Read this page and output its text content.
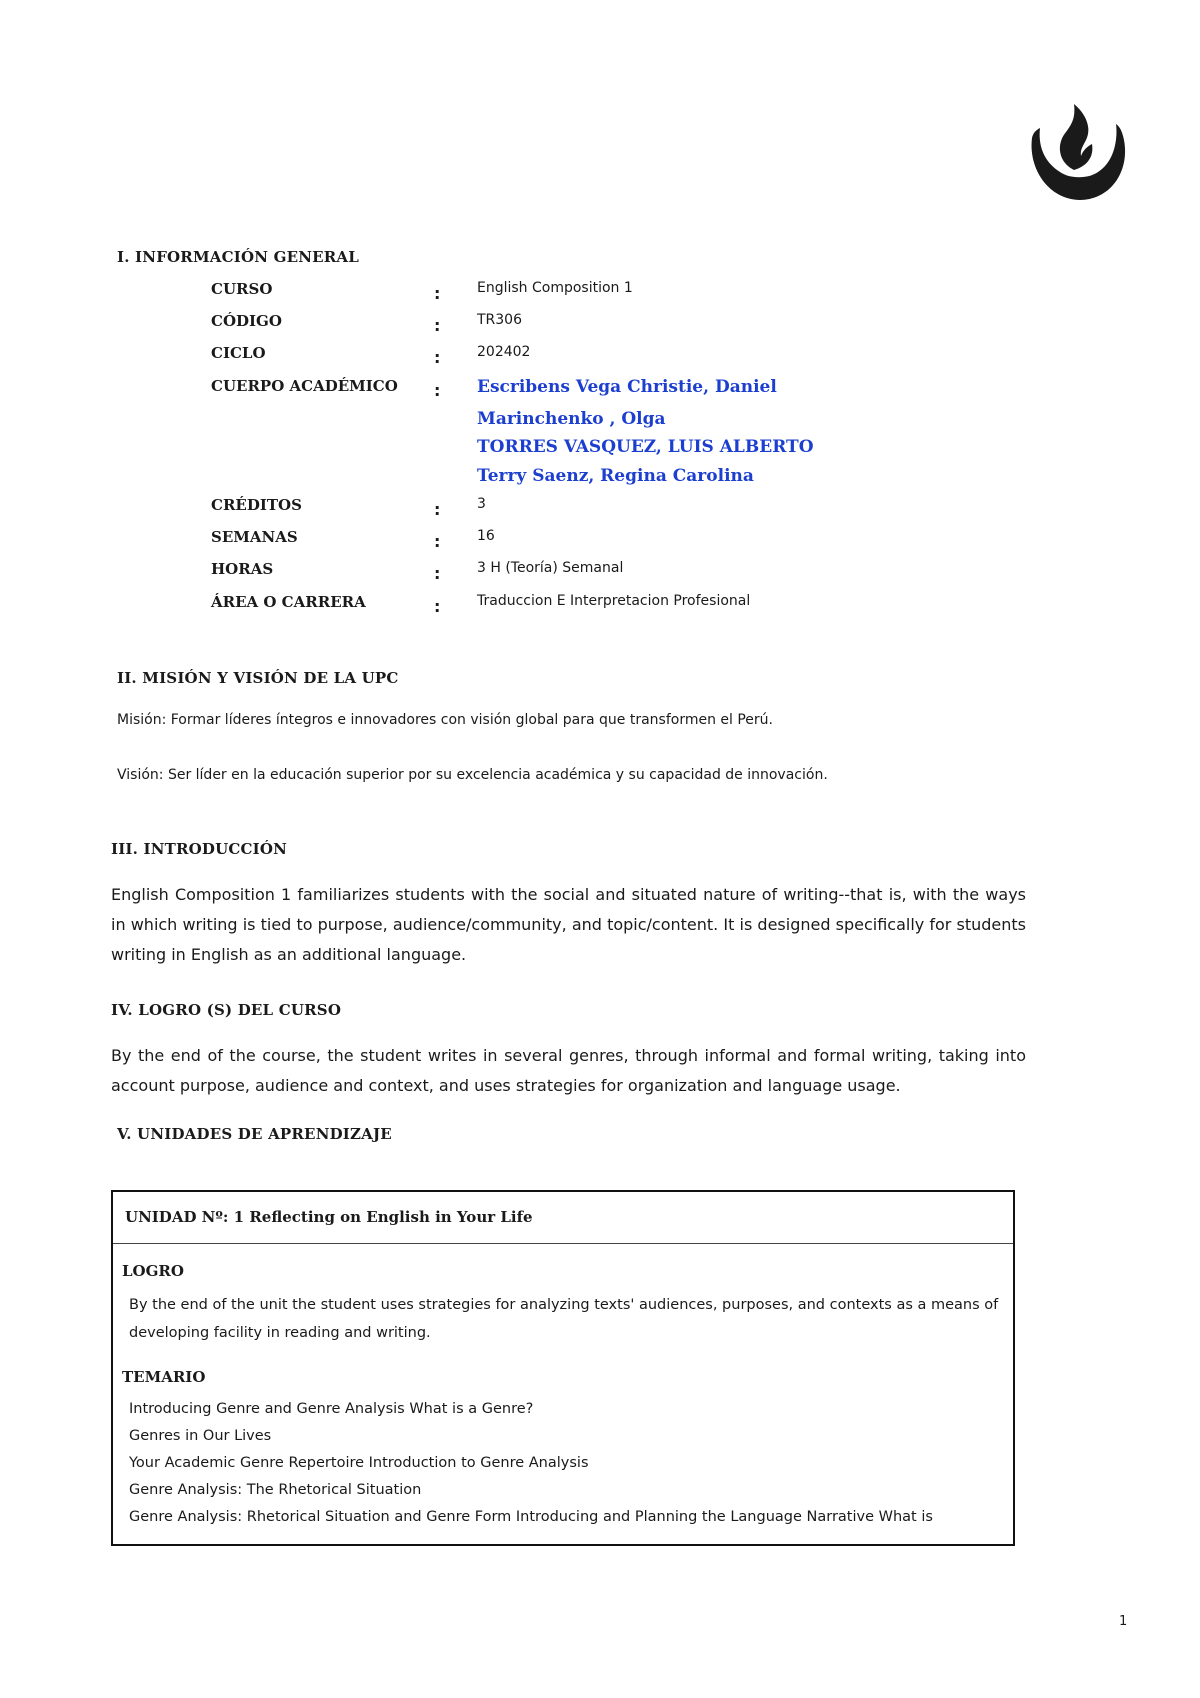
I. INFORMACIÓN GENERAL
CURSO	:	English Composition 1
CÓDIGO	:	TR306
CICLO	:	202402
CUERPO ACADÉMICO : Escribens Vega Christie, Daniel
Marinchenko , Olga
TORRES VASQUEZ, LUIS ALBERTO
Terry Saenz, Regina Carolina
CRÉDITOS	:	3
SEMANAS	:	16
HORAS	:	3 H (Teoría) Semanal
ÁREA O CARRERA	:	Traduccion E Interpretacion Profesional
II. MISIÓN Y VISIÓN DE LA UPC
Misión: Formar líderes íntegros e innovadores con visión global para que transformen el Perú.
Visión: Ser líder en la educación superior por su excelencia académica y su capacidad de innovación.
III. INTRODUCCIÓN
English Composition 1 familiarizes students with the social and situated nature of writing--that is, with the ways in which writing is tied to purpose, audience/community, and topic/content. It is designed specifically for students writing in English as an additional language.
IV. LOGRO (S) DEL CURSO
By the end of the course, the student writes in several genres, through informal and formal writing, taking into account purpose, audience and context, and uses strategies for organization and language usage.
V. UNIDADES DE APRENDIZAJE
UNIDAD Nº: 1 Reflecting on English in Your Life
LOGRO
By the end of the unit the student uses strategies for analyzing texts' audiences, purposes, and contexts as a means of developing facility in reading and writing.
TEMARIO
Introducing Genre and Genre Analysis What is a Genre?
Genres in Our Lives
Your Academic Genre Repertoire Introduction to Genre Analysis
Genre Analysis: The Rhetorical Situation
Genre Analysis: Rhetorical Situation and Genre Form Introducing and Planning the Language Narrative What is
1
